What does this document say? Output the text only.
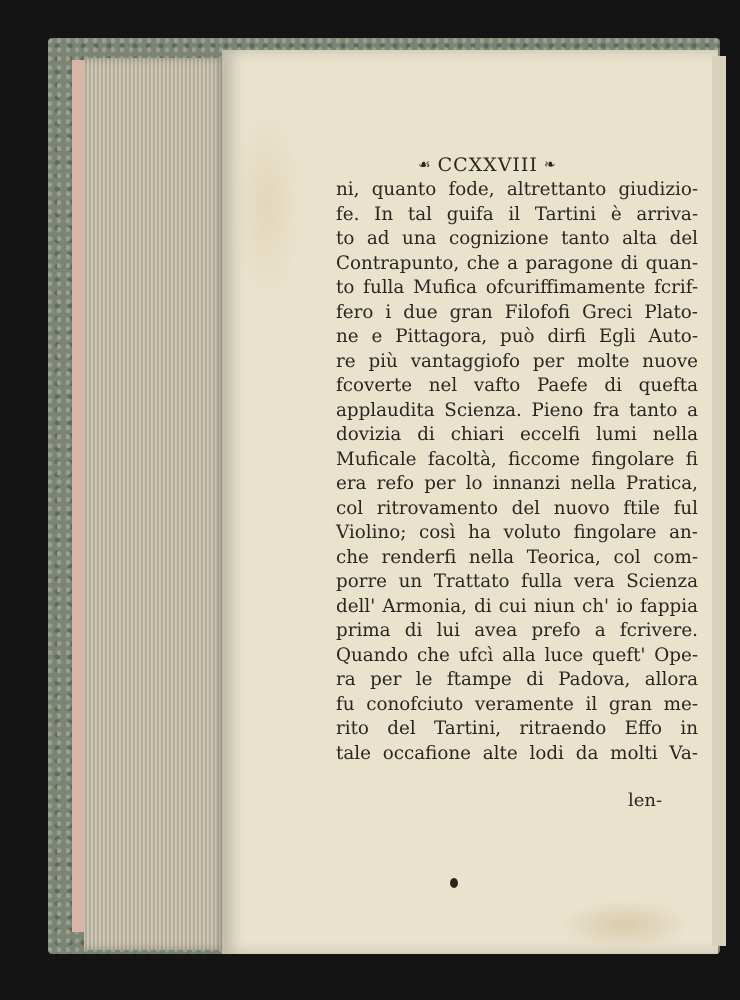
☙ CCXXVIII ❧
ni, quanto fode, altrettanto giudizio-
fe. In tal guifa il Tartini è arriva-
to ad una cognizione tanto alta del
Contrapunto, che a paragone di quan-
to fulla Mufica ofcuriffimamente fcrif-
fero i due gran Filofofi Greci Plato-
ne e Pittagora, può dirfi Egli Auto-
re più vantaggiofo per molte nuove
fcoverte nel vafto Paefe di quefta
applaudita Scienza. Pieno fra tanto a
dovizia di chiari eccelfi lumi nella
Muficale facoltà, ficcome fingolare fi
era refo per lo innanzi nella Pratica,
col ritrovamento del nuovo ftile ful
Violino; così ha voluto fingolare an-
che renderfi nella Teorica, col com-
porre un Trattato fulla vera Scienza
dell' Armonia, di cui niun ch' io fappia
prima di lui avea prefo a fcrivere.
Quando che ufcì alla luce queft' Ope-
ra per le ftampe di Padova, allora
fu conofciuto veramente il gran me-
rito del Tartini, ritraendo Effo in
tale occafione alte lodi da molti Va-
len-
